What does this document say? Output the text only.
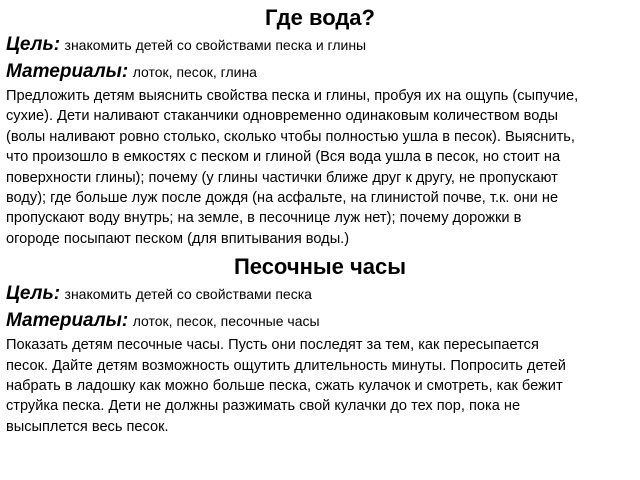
Где вода?

Цель: знакомить детей со свойствами песка и глины

Материалы: лоток, песок, глина

Предложить детям выяснить свойства песка и глины, пробуя их на ощупь (сыпучие,
сухие). Дети наливают стаканчики одновременно одинаковым количеством воды
(волы наливают ровно столько, сколько чтобы полностью ушла в песок). Выяснить,
что произошло в емкостях с песком и глиной (Вся вода ушла в песок, но стоит на
поверхности глины); почему (у глины частички ближе друг к другу, не пропускают
воду); где больше луж после дождя (на асфальте, на глинистой почве, т.к. они не
пропускают воду внутрь; на земле, в песочнице луж нет); почему дорожки в
огороде посыпают песком (для впитывания воды.)

Песочные часы

Цель: знакомить детей со свойствами песка

Материалы: лоток, песок, песочные часы

Показать детям песочные часы. Пусть они последят за тем, как пересыпается
песок. Дайте детям возможность ощутить длительность минуты. Попросить детей
набрать в ладошку как можно больше песка, сжать кулачок и смотреть, как бежит
струйка песка. Дети не должны разжимать свой кулачки до тех пор, пока не
высыплется весь песок.
